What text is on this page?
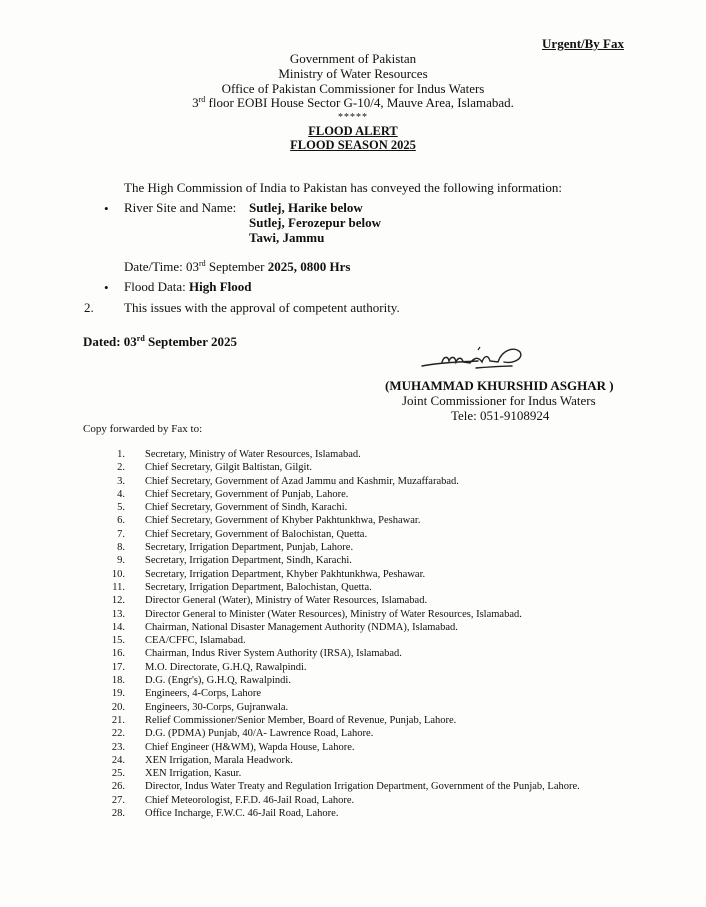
Urgent/By Fax
Government of Pakistan
Ministry of Water Resources
Office of Pakistan Commissioner for Indus Waters
3rd floor EOBI House Sector G-10/4, Mauve Area, Islamabad.
*****
FLOOD ALERT
FLOOD SEASON 2025
The High Commission of India to Pakistan has conveyed the following information:
• River Site and Name: Sutlej, Harike below
Sutlej, Ferozepur below
Tawi, Jammu
Date/Time: 03rd September 2025, 0800 Hrs
• Flood Data: High Flood
2. This issues with the approval of competent authority.
Dated: 03rd September 2025
(MUHAMMAD KHURSHID ASGHAR )
Joint Commissioner for Indus Waters
Tele: 051-9108924
Copy forwarded by Fax to:
1.	Secretary, Ministry of Water Resources, Islamabad.
2.	Chief Secretary, Gilgit Baltistan, Gilgit.
3.	Chief Secretary, Government of Azad Jammu and Kashmir, Muzaffarabad.
4.	Chief Secretary, Government of Punjab, Lahore.
5.	Chief Secretary, Government of Sindh, Karachi.
6.	Chief Secretary, Government of Khyber Pakhtunkhwa, Peshawar.
7.	Chief Secretary, Government of Balochistan, Quetta.
8.	Secretary, Irrigation Department, Punjab, Lahore.
9.	Secretary, Irrigation Department, Sindh, Karachi.
10.	Secretary, Irrigation Department, Khyber Pakhtunkhwa, Peshawar.
11.	Secretary, Irrigation Department, Balochistan, Quetta.
12.	Director General (Water), Ministry of Water Resources, Islamabad.
13.	Director General to Minister (Water Resources), Ministry of Water Resources, Islamabad.
14.	Chairman, National Disaster Management Authority (NDMA), Islamabad.
15.	CEA/CFFC, Islamabad.
16.	Chairman, Indus River System Authority (IRSA), Islamabad.
17.	M.O. Directorate, G.H.Q, Rawalpindi.
18.	D.G. (Engr's), G.H.Q, Rawalpindi.
19.	Engineers, 4-Corps, Lahore
20.	Engineers, 30-Corps, Gujranwala.
21.	Relief Commissioner/Senior Member, Board of Revenue, Punjab, Lahore.
22.	D.G. (PDMA) Punjab, 40/A- Lawrence Road, Lahore.
23.	Chief Engineer (H&WM), Wapda House, Lahore.
24.	XEN Irrigation, Marala Headwork.
25.	XEN Irrigation, Kasur.
26.	Director, Indus Water Treaty and Regulation Irrigation Department, Government of the Punjab, Lahore.
27.	Chief Meteorologist, F.F.D. 46-Jail Road, Lahore.
28.	Office Incharge, F.W.C. 46-Jail Road, Lahore.
